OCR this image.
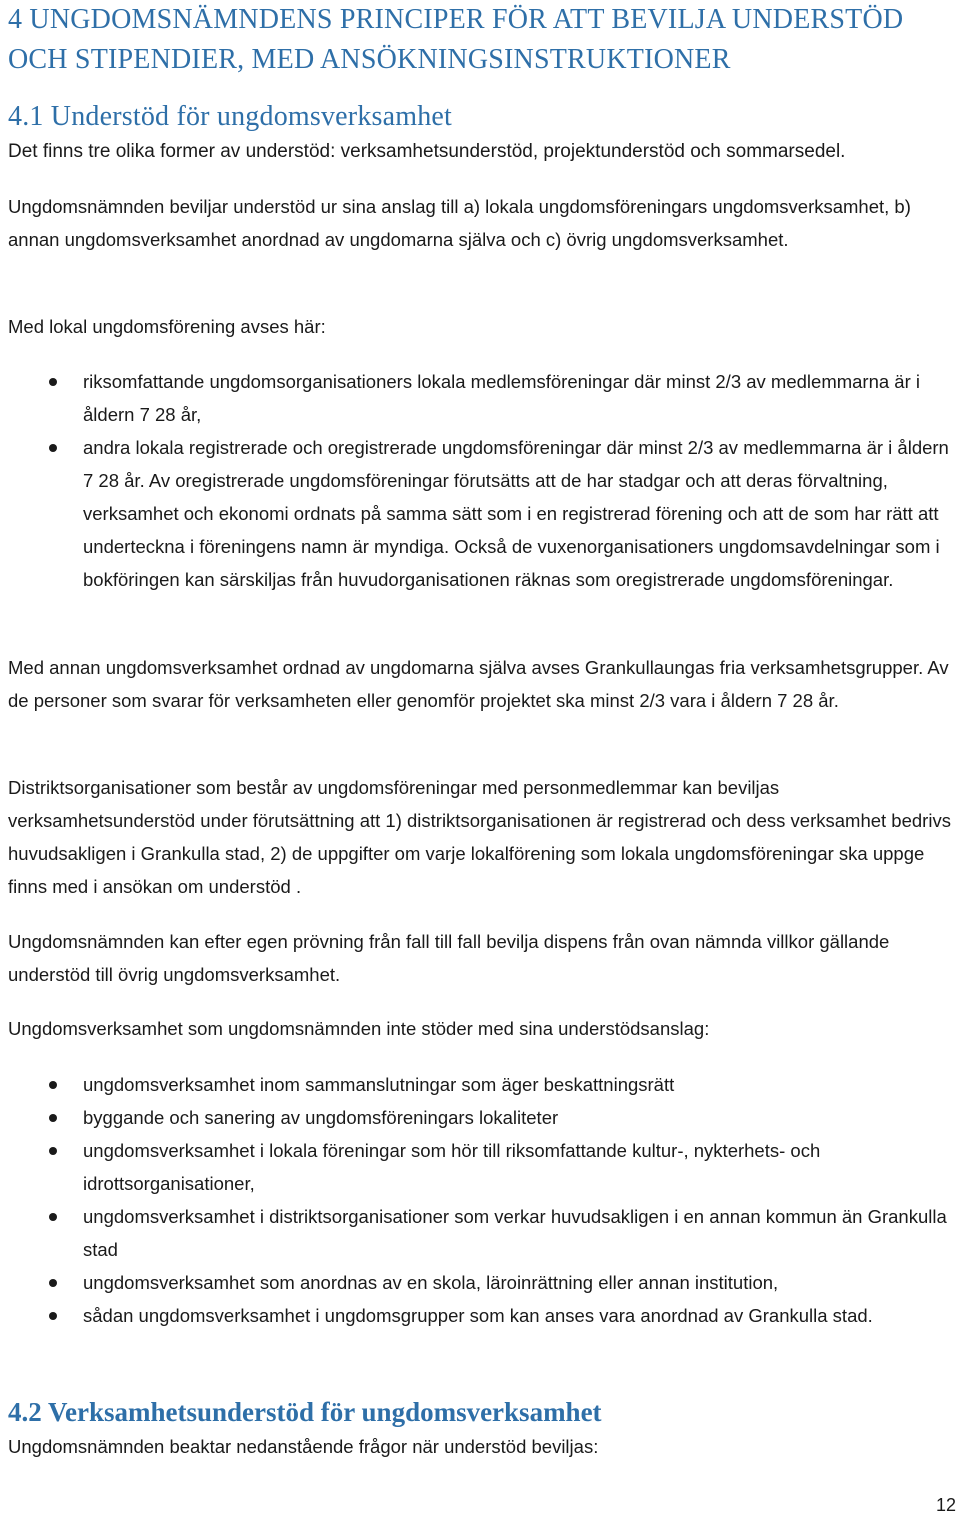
4 UNGDOMSNÄMNDENS PRINCIPER FÖR ATT BEVILJA UNDERSTÖD
OCH STIPENDIER, MED ANSÖKNINGSINSTRUKTIONER
4.1 Understöd för ungdomsverksamhet

Det finns tre olika former av understöd: verksamhetsunderstöd, projektunderstöd och sommarsedel.

Ungdomsnämnden beviljar understöd ur sina anslag till a) lokala ungdomsföreningars ungdomsverksamhet, b) annan ungdomsverksamhet anordnad av ungdomarna själva och c) övrig ungdomsverksamhet.

Med lokal ungdomsförening avses här:

riksomfattande ungdomsorganisationers lokala medlemsföreningar där minst 2/3 av medlemmarna är i åldern 7 28 år,
andra lokala registrerade och oregistrerade ungdomsföreningar där minst 2/3 av medlemmarna är i åldern 7 28 år. Av oregistrerade ungdomsföreningar förutsätts att de har stadgar och att deras förvaltning, verksamhet och ekonomi ordnats på samma sätt som i en registrerad förening och att de som har rätt att underteckna i föreningens namn är myndiga. Också de vuxenorganisationers ungdomsavdelningar som i bokföringen kan särskiljas från huvudorganisationen räknas som oregistrerade ungdomsföreningar.

Med annan ungdomsverksamhet ordnad av ungdomarna själva avses Grankullaungas fria verksamhetsgrupper. Av de personer som svarar för verksamheten eller genomför projektet ska minst 2/3 vara i åldern 7 28 år.

Distriktsorganisationer som består av ungdomsföreningar med personmedlemmar kan beviljas verksamhetsunderstöd under förutsättning att 1) distriktsorganisationen är registrerad och dess verksamhet bedrivs huvudsakligen i Grankulla stad, 2) de uppgifter om varje lokalförening som lokala ungdomsföreningar ska uppge finns med i ansökan om understöd .

Ungdomsnämnden kan efter egen prövning från fall till fall bevilja dispens från ovan nämnda villkor gällande understöd till övrig ungdomsverksamhet.

Ungdomsverksamhet som ungdomsnämnden inte stöder med sina understödsanslag:

ungdomsverksamhet inom sammanslutningar som äger beskattningsrätt
byggande och sanering av ungdomsföreningars lokaliteter
ungdomsverksamhet i lokala föreningar som hör till riksomfattande kultur-, nykterhets- och idrottsorganisationer,
ungdomsverksamhet i distriktsorganisationer som verkar huvudsakligen i en annan kommun än Grankulla stad
ungdomsverksamhet som anordnas av en skola, läroinrättning eller annan institution,
sådan ungdomsverksamhet i ungdomsgrupper som kan anses vara anordnad av Grankulla stad.
4.2 Verksamhetsunderstöd för ungdomsverksamhet

Ungdomsnämnden beaktar nedanstående frågor när understöd beviljas:

12
